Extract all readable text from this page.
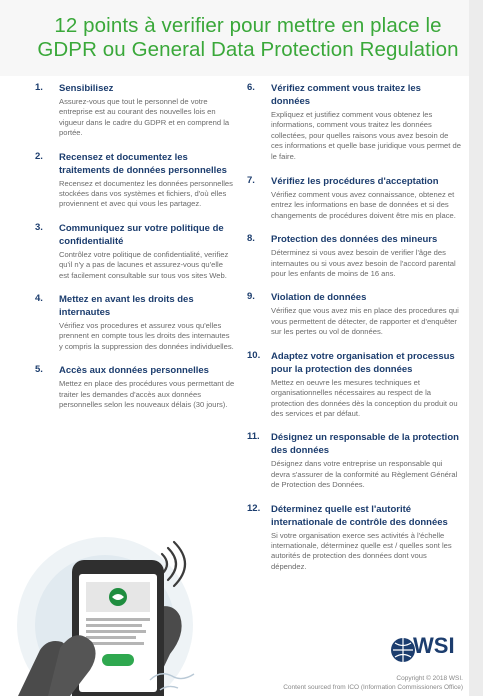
12 points à verifier pour mettre en place le GDPR ou General Data Protection Regulation
1. Sensibilisez
Assurez-vous que tout le personnel de votre entreprise est au courant des nouvelles lois en vigueur dans le cadre du GDPR et en comprend la portée.
2. Recensez et documentez les traitements de données personnelles
Recensez et documentez les données personnelles stockées dans vos systèmes et fichiers, d'où elles proviennent et avec qui vous les partagez.
3. Communiquez sur votre politique de confidentialité
Contrôlez votre politique de confidentialité, verifiez qu'il n'y a pas de lacunes et assurez-vous qu'elle est facilement consultable sur tous vos sites Web.
4. Mettez en avant les droits des internautes
Vérifiez vos procedures et assurez vous qu'elles prennent en compte tous les droits des internautes y compris la suppression des données individuelles.
5. Accès aux données personnelles
Mettez en place des procédures vous permettant de traiter les demandes d'accès aux données personnelles selon les nouveaux délais (30 jours).
6. Vérifiez comment vous traitez les données
Expliquez et justifiez comment vous obtenez les informations, comment vous traitez les données collectées, pour quelles raisons vous avez besoin de ces informations et quelle base juridique vous permet de le faire.
7. Vérifiez les procédures d'acceptation
Vérifiez comment vous avez connaissance, obtenez et entrez les informations en base de données et si des changements de procédures doivent être mis en place.
8. Protection des données des mineurs
Déterminez si vous avez besoin de verifier l'âge des internautes ou si vous avez besoin de l'accord parental pour les enfants de moins de 16 ans.
9. Violation de données
Vérifiez que vous avez mis en place des procedures qui vous permettent de détecter, de rapporter et d'enquêter sur les pertes ou vol de données.
10. Adaptez votre organisation et processus pour la protection des données
Mettez en oeuvre les mesures techniques et organisationnelles nécessaires au respect de la protection des données dès la conception du produit ou des services et par défaut.
11. Désignez un responsable de la protection des données
Désignez dans votre entreprise un responsable qui devra s'assurer de la conformité au Règlement Général de Protection des Données.
12. Déterminez quelle est l'autorité internationale de contrôle des données
Si votre organisation exerce ses activités à l'échelle internationale, déterminez quelle est / quelles sont les autorités de protection des données dont vous dépendez.
WSI
Copyright © 2018 WSI.
Content sourced from ICO (Information Commissioners Office)
